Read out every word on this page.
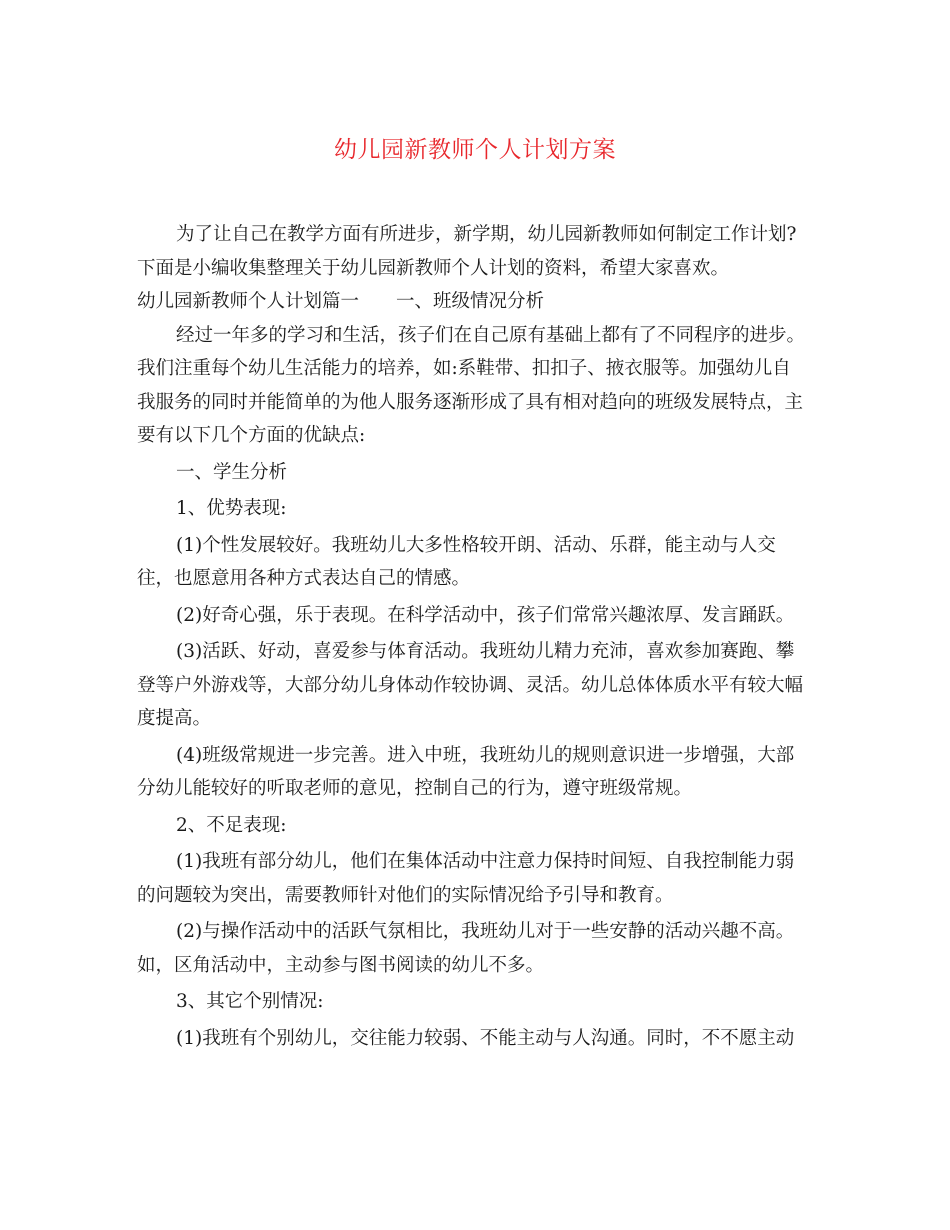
幼儿园新教师个人计划方案
为了让自己在教学方面有所进步，新学期，幼儿园新教师如何制定工作计划?
下面是小编收集整理关于幼儿园新教师个人计划的资料，希望大家喜欢。
幼儿园新教师个人计划篇一　　一、班级情况分析
经过一年多的学习和生活，孩子们在自己原有基础上都有了不同程序的进步。
我们注重每个幼儿生活能力的培养，如:系鞋带、扣扣子、掖衣服等。加强幼儿自
我服务的同时并能简单的为他人服务逐渐形成了具有相对趋向的班级发展特点，主
要有以下几个方面的优缺点:
一、学生分析
1、优势表现:
(1)个性发展较好。我班幼儿大多性格较开朗、活动、乐群，能主动与人交
往，也愿意用各种方式表达自己的情感。
(2)好奇心强，乐于表现。在科学活动中，孩子们常常兴趣浓厚、发言踊跃。
(3)活跃、好动，喜爱参与体育活动。我班幼儿精力充沛，喜欢参加赛跑、攀
登等户外游戏等，大部分幼儿身体动作较协调、灵活。幼儿总体体质水平有较大幅
度提高。
(4)班级常规进一步完善。进入中班，我班幼儿的规则意识进一步增强，大部
分幼儿能较好的听取老师的意见，控制自己的行为，遵守班级常规。
2、不足表现:
(1)我班有部分幼儿，他们在集体活动中注意力保持时间短、自我控制能力弱
的问题较为突出，需要教师针对他们的实际情况给予引导和教育。
(2)与操作活动中的活跃气氛相比，我班幼儿对于一些安静的活动兴趣不高。
如，区角活动中，主动参与图书阅读的幼儿不多。
3、其它个别情况:
(1)我班有个别幼儿，交往能力较弱、不能主动与人沟通。同时，不不愿主动
